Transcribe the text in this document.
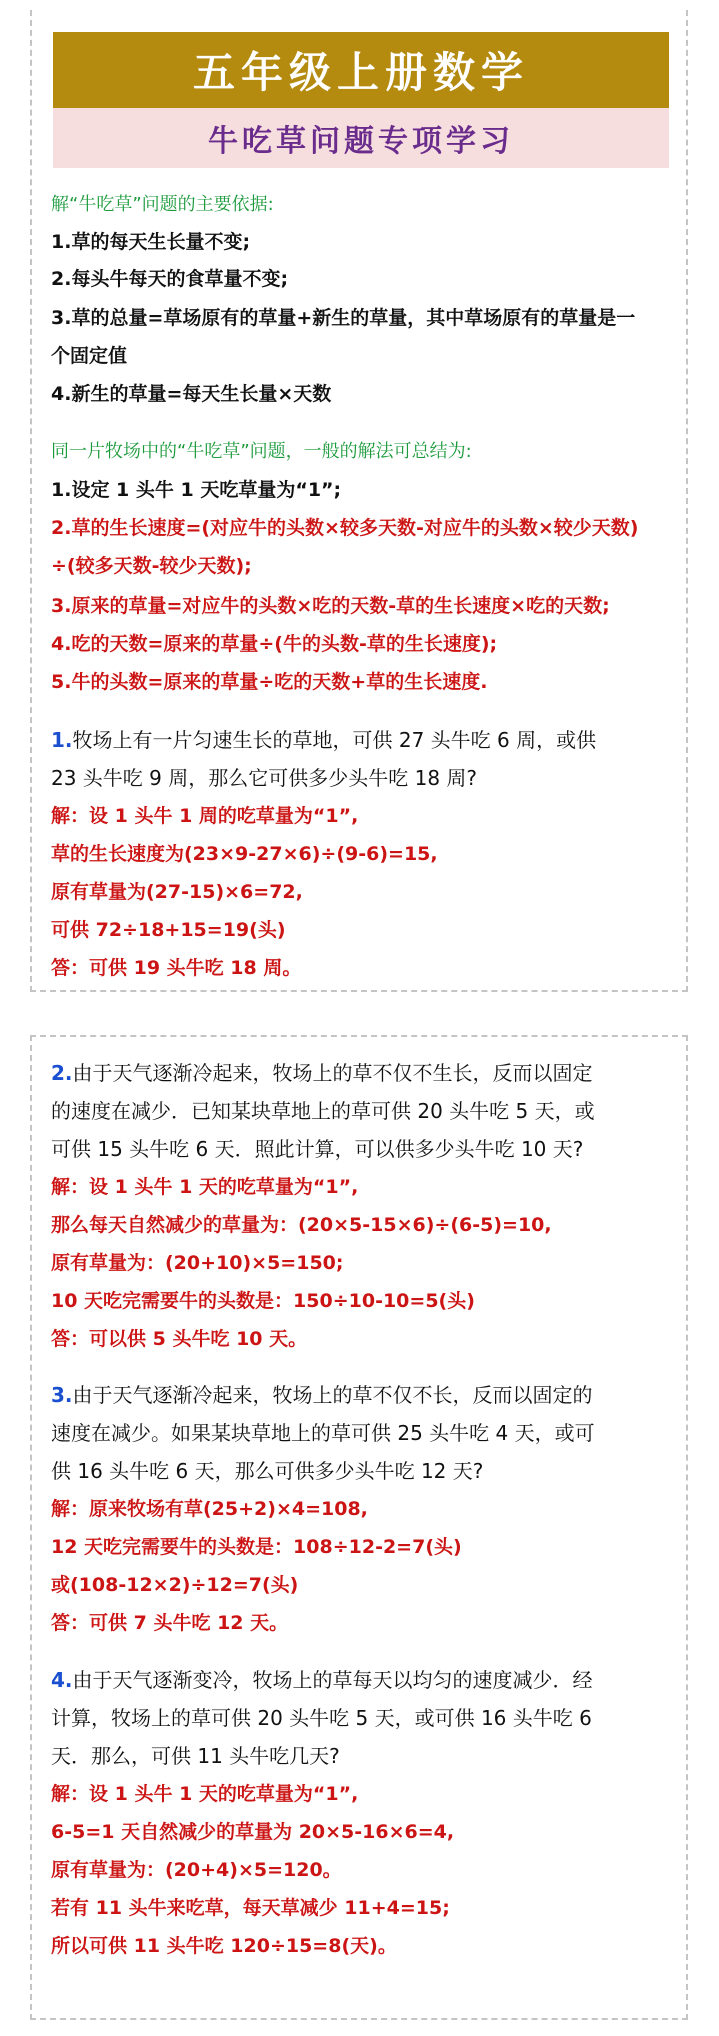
五年级上册数学
牛吃草问题专项学习
解“牛吃草”问题的主要依据:
1.草的每天生长量不变;
2.每头牛每天的食草量不变;
3.草的总量=草场原有的草量+新生的草量，其中草场原有的草量是一
个固定值
4.新生的草量=每天生长量×天数
同一片牧场中的“牛吃草”问题，一般的解法可总结为:
1.设定 1 头牛 1 天吃草量为“1”;
2.草的生长速度=(对应牛的头数×较多天数-对应牛的头数×较少天数)
÷(较多天数-较少天数);
3.原来的草量=对应牛的头数×吃的天数-草的生长速度×吃的天数;
4.吃的天数=原来的草量÷(牛的头数-草的生长速度);
5.牛的头数=原来的草量÷吃的天数+草的生长速度.
1.牧场上有一片匀速生长的草地，可供 27 头牛吃 6 周，或供
23 头牛吃 9 周，那么它可供多少头牛吃 18 周?
解：设 1 头牛 1 周的吃草量为“1”,
草的生长速度为(23×9-27×6)÷(9-6)=15,
原有草量为(27-15)×6=72,
可供 72÷18+15=19(头)
答：可供 19 头牛吃 18 周。
2.由于天气逐渐冷起来，牧场上的草不仅不生长，反而以固定
的速度在减少．已知某块草地上的草可供 20 头牛吃 5 天，或
可供 15 头牛吃 6 天．照此计算，可以供多少头牛吃 10 天?
解：设 1 头牛 1 天的吃草量为“1”,
那么每天自然减少的草量为：(20×5-15×6)÷(6-5)=10,
原有草量为：(20+10)×5=150;
10 天吃完需要牛的头数是：150÷10-10=5(头)
答：可以供 5 头牛吃 10 天。
3.由于天气逐渐冷起来，牧场上的草不仅不长，反而以固定的
速度在减少。如果某块草地上的草可供 25 头牛吃 4 天，或可
供 16 头牛吃 6 天，那么可供多少头牛吃 12 天?
解：原来牧场有草(25+2)×4=108,
12 天吃完需要牛的头数是：108÷12-2=7(头)
或(108-12×2)÷12=7(头)
答：可供 7 头牛吃 12 天。
4.由于天气逐渐变冷，牧场上的草每天以均匀的速度减少．经
计算，牧场上的草可供 20 头牛吃 5 天，或可供 16 头牛吃 6
天．那么，可供 11 头牛吃几天?
解：设 1 头牛 1 天的吃草量为“1”,
6-5=1 天自然减少的草量为 20×5-16×6=4,
原有草量为：(20+4)×5=120。
若有 11 头牛来吃草，每天草减少 11+4=15;
所以可供 11 头牛吃 120÷15=8(天)。
